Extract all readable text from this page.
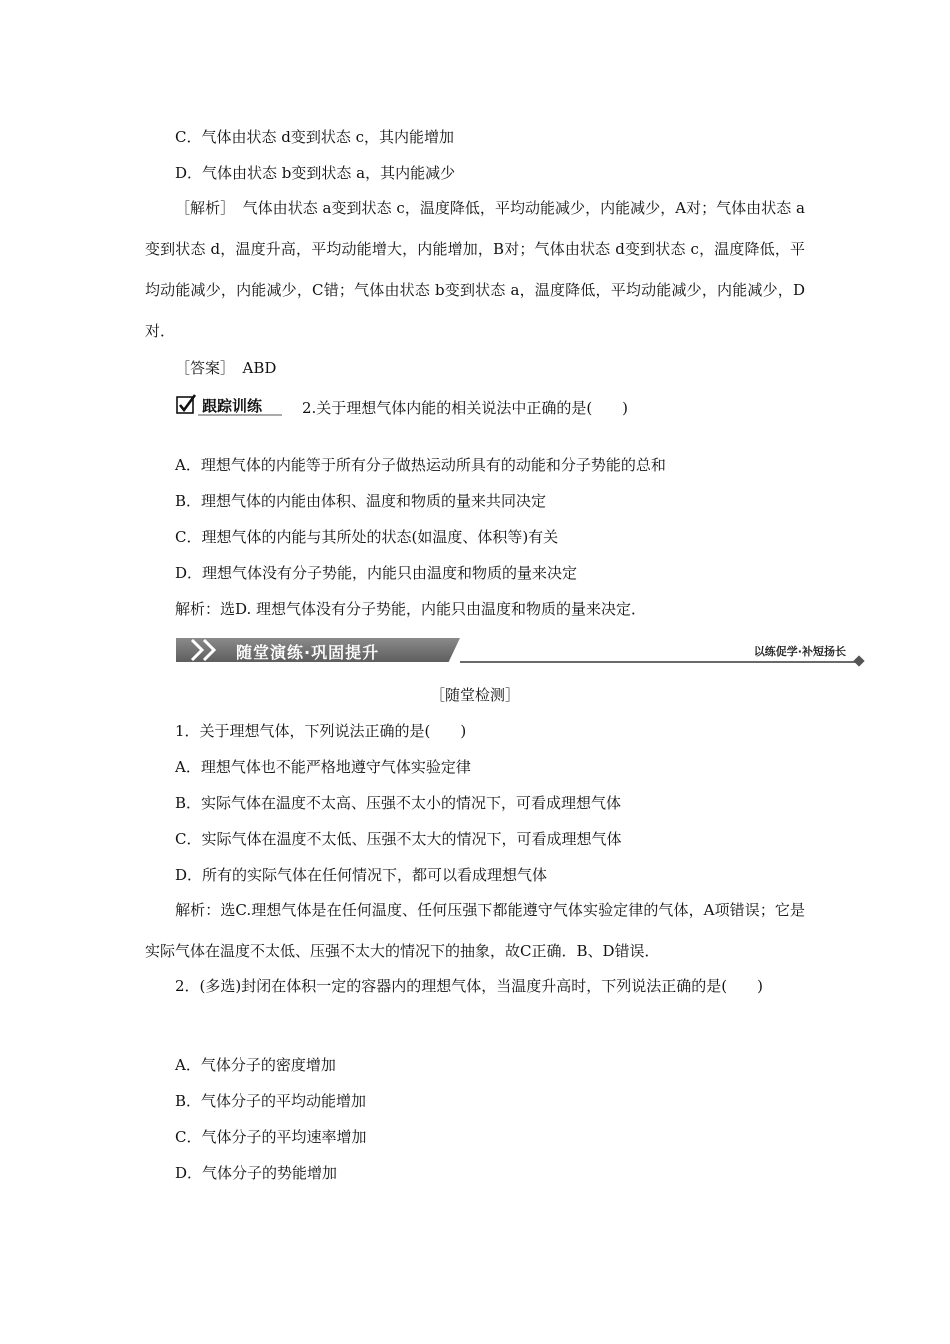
C．气体由状态 d变到状态 c，其内能增加
D．气体由状态 b变到状态 a，其内能减少
［解析］　气体由状态 a变到状态 c，温度降低，平均动能减少，内能减少，A对；气体由状态 a变到状态 d，温度升高，平均动能增大，内能增加，B对；气体由状态 d变到状态 c，温度降低，平均动能减少，内能减少，C错；气体由状态 b变到状态 a，温度降低，平均动能减少，内能减少，D对．
［答案］　ABD
跟踪训练	2.关于理想气体内能的相关说法中正确的是(　　)
A．理想气体的内能等于所有分子做热运动所具有的动能和分子势能的总和
B．理想气体的内能由体积、温度和物质的量来共同决定
C．理想气体的内能与其所处的状态(如温度、体积等)有关
D．理想气体没有分子势能，内能只由温度和物质的量来决定
解析：选D. 理想气体没有分子势能，内能只由温度和物质的量来决定．
随堂演练·巩固提升	以练促学·补短扬长
［随堂检测］
1．关于理想气体，下列说法正确的是(　　)
A．理想气体也不能严格地遵守气体实验定律
B．实际气体在温度不太高、压强不太小的情况下，可看成理想气体
C．实际气体在温度不太低、压强不太大的情况下，可看成理想气体
D．所有的实际气体在任何情况下，都可以看成理想气体
解析：选C.理想气体是在任何温度、任何压强下都能遵守气体实验定律的气体，A项错误；它是实际气体在温度不太低、压强不太大的情况下的抽象，故C正确．B、D错误．
2．(多选)封闭在体积一定的容器内的理想气体，当温度升高时，下列说法正确的是(　　)
A．气体分子的密度增加
B．气体分子的平均动能增加
C．气体分子的平均速率增加
D．气体分子的势能增加
